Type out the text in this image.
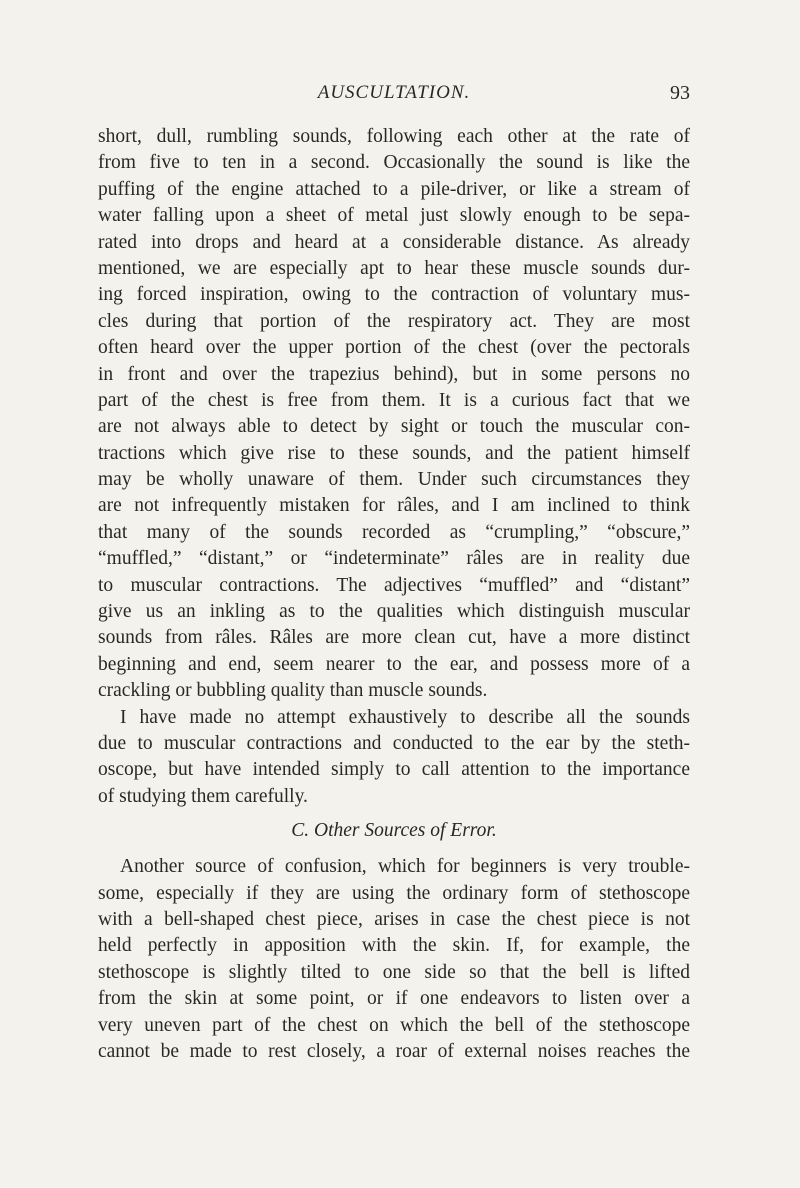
AUSCULTATION.	93
short, dull, rumbling sounds, following each other at the rate of
from five to ten in a second. Occasionally the sound is like the
puffing of the engine attached to a pile-driver, or like a stream of
water falling upon a sheet of metal just slowly enough to be sepa-
rated into drops and heard at a considerable distance. As already
mentioned, we are especially apt to hear these muscle sounds dur-
ing forced inspiration, owing to the contraction of voluntary mus-
cles during that portion of the respiratory act. They are most
often heard over the upper portion of the chest (over the pectorals
in front and over the trapezius behind), but in some persons no
part of the chest is free from them. It is a curious fact that we
are not always able to detect by sight or touch the muscular con-
tractions which give rise to these sounds, and the patient himself
may be wholly unaware of them. Under such circumstances they
are not infrequently mistaken for râles, and I am inclined to think
that many of the sounds recorded as “crumpling,” “obscure,”
“muffled,” “distant,” or “indeterminate” râles are in reality due
to muscular contractions. The adjectives “muffled” and “distant”
give us an inkling as to the qualities which distinguish muscular
sounds from râles. Râles are more clean cut, have a more distinct
beginning and end, seem nearer to the ear, and possess more of a
crackling or bubbling quality than muscle sounds.
I have made no attempt exhaustively to describe all the sounds
due to muscular contractions and conducted to the ear by the steth-
oscope, but have intended simply to call attention to the importance
of studying them carefully.
C. Other Sources of Error.
Another source of confusion, which for beginners is very trouble-
some, especially if they are using the ordinary form of stethoscope
with a bell-shaped chest piece, arises in case the chest piece is not
held perfectly in apposition with the skin. If, for example, the
stethoscope is slightly tilted to one side so that the bell is lifted
from the skin at some point, or if one endeavors to listen over a
very uneven part of the chest on which the bell of the stethoscope
cannot be made to rest closely, a roar of external noises reaches the
